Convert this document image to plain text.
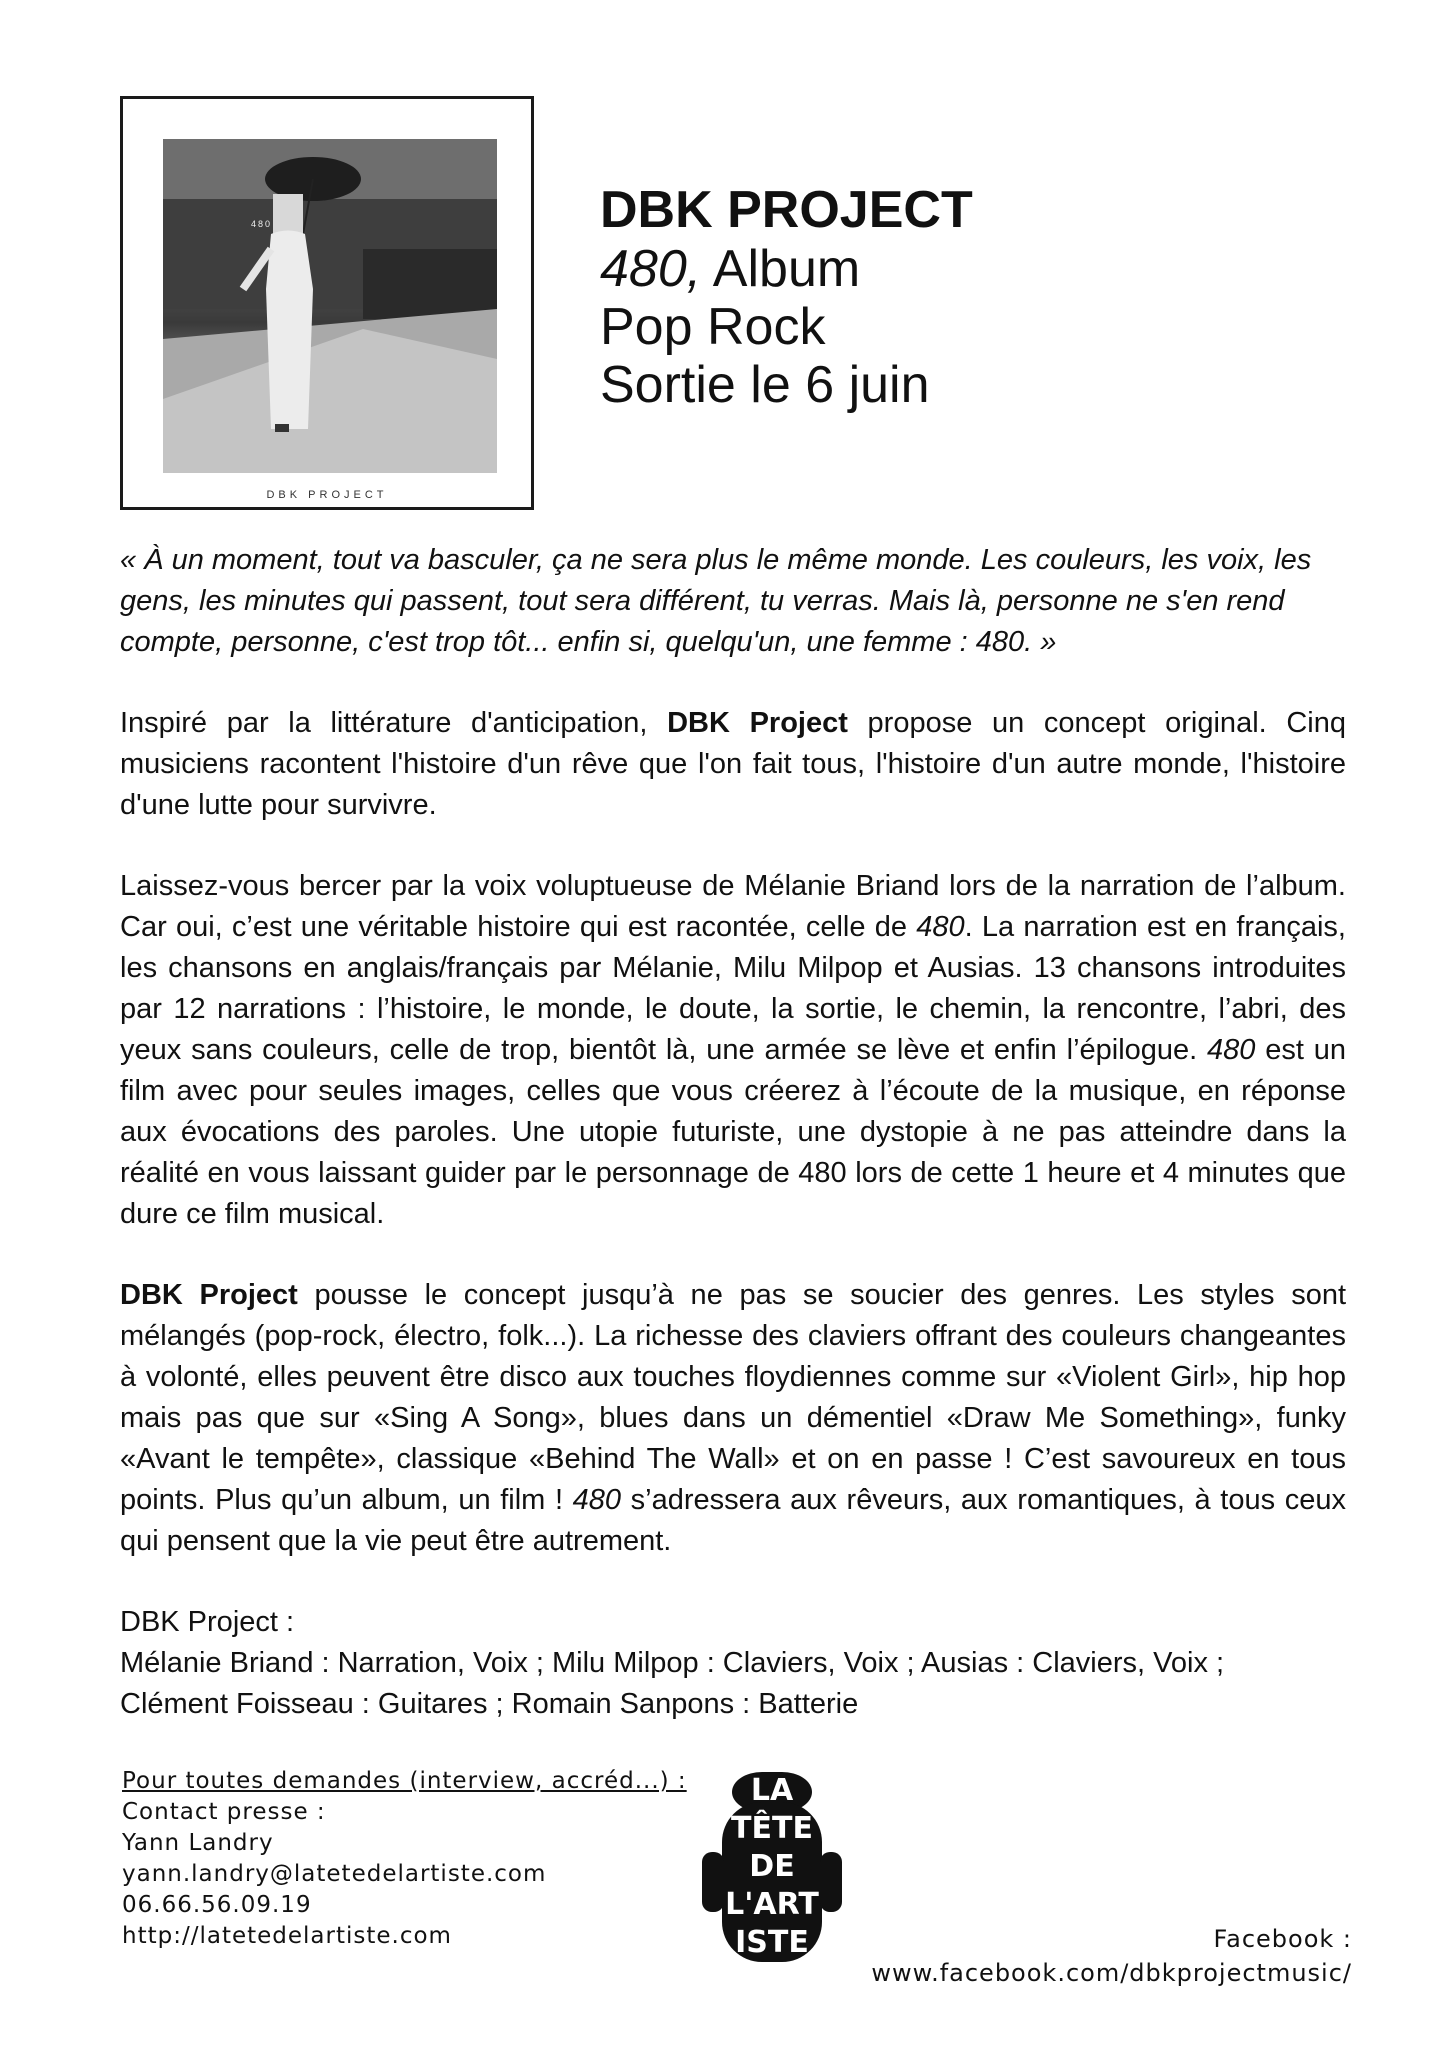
480
DBK PROJECT
DBK PROJECT
480, Album
Pop Rock
Sortie le 6 juin

« À un moment, tout va basculer, ça ne sera plus le même monde. Les couleurs, les voix, les gens, les minutes qui passent, tout sera différent, tu verras. Mais là, personne ne s'en rend compte, personne, c'est trop tôt... enfin si, quelqu'un, une femme : 480. »

Inspiré par la littérature d'anticipation, DBK Project propose un concept original. Cinq musiciens racontent l'histoire d'un rêve que l'on fait tous, l'histoire d'un autre monde, l'histoire d'une lutte pour survivre.

Laissez-vous bercer par la voix voluptueuse de Mélanie Briand lors de la narration de l’album. Car oui, c’est une véritable histoire qui est racontée, celle de 480. La narration est en français, les chansons en anglais/français par Mélanie, Milu Milpop et Ausias. 13 chansons introduites par 12 narrations : l’histoire, le monde, le doute, la sortie, le chemin, la rencontre, l’abri, des yeux sans couleurs, celle de trop, bientôt là, une armée se lève et enfin l’épilogue. 480 est un film avec pour seules images, celles que vous créerez à l’écoute de la musique, en réponse aux évocations des paroles. Une utopie futuriste, une dystopie à ne pas atteindre dans la réalité en vous laissant guider par le personnage de 480 lors de cette 1 heure et 4 minutes que dure ce film musical.

DBK Project pousse le concept jusqu’à ne pas se soucier des genres. Les styles sont mélangés (pop-rock, électro, folk...). La richesse des claviers offrant des couleurs changeantes à volonté, elles peuvent être disco aux touches floydiennes comme sur «Violent Girl», hip hop mais pas que sur «Sing A Song», blues dans un démentiel «Draw Me Something», funky «Avant le tempête», classique «Behind The Wall» et on en passe ! C’est savoureux en tous points. Plus qu’un album, un film ! 480 s’adressera aux rêveurs, aux romantiques, à tous ceux qui pensent que la vie peut être autrement.

DBK Project :
Mélanie Briand : Narration, Voix ; Milu Milpop : Claviers, Voix ; Ausias : Claviers, Voix ;
Clément Foisseau : Guitares ; Romain Sanpons : Batterie
Pour toutes demandes (interview, accréd...) :
Contact presse :
Yann Landry
yann.landry@latetedelartiste.com
06.66.56.09.19
http://latetedelartiste.com
LA
TÊTE
DE
L'ART
ISTE	Facebook :
www.facebook.com/dbkprojectmusic/
